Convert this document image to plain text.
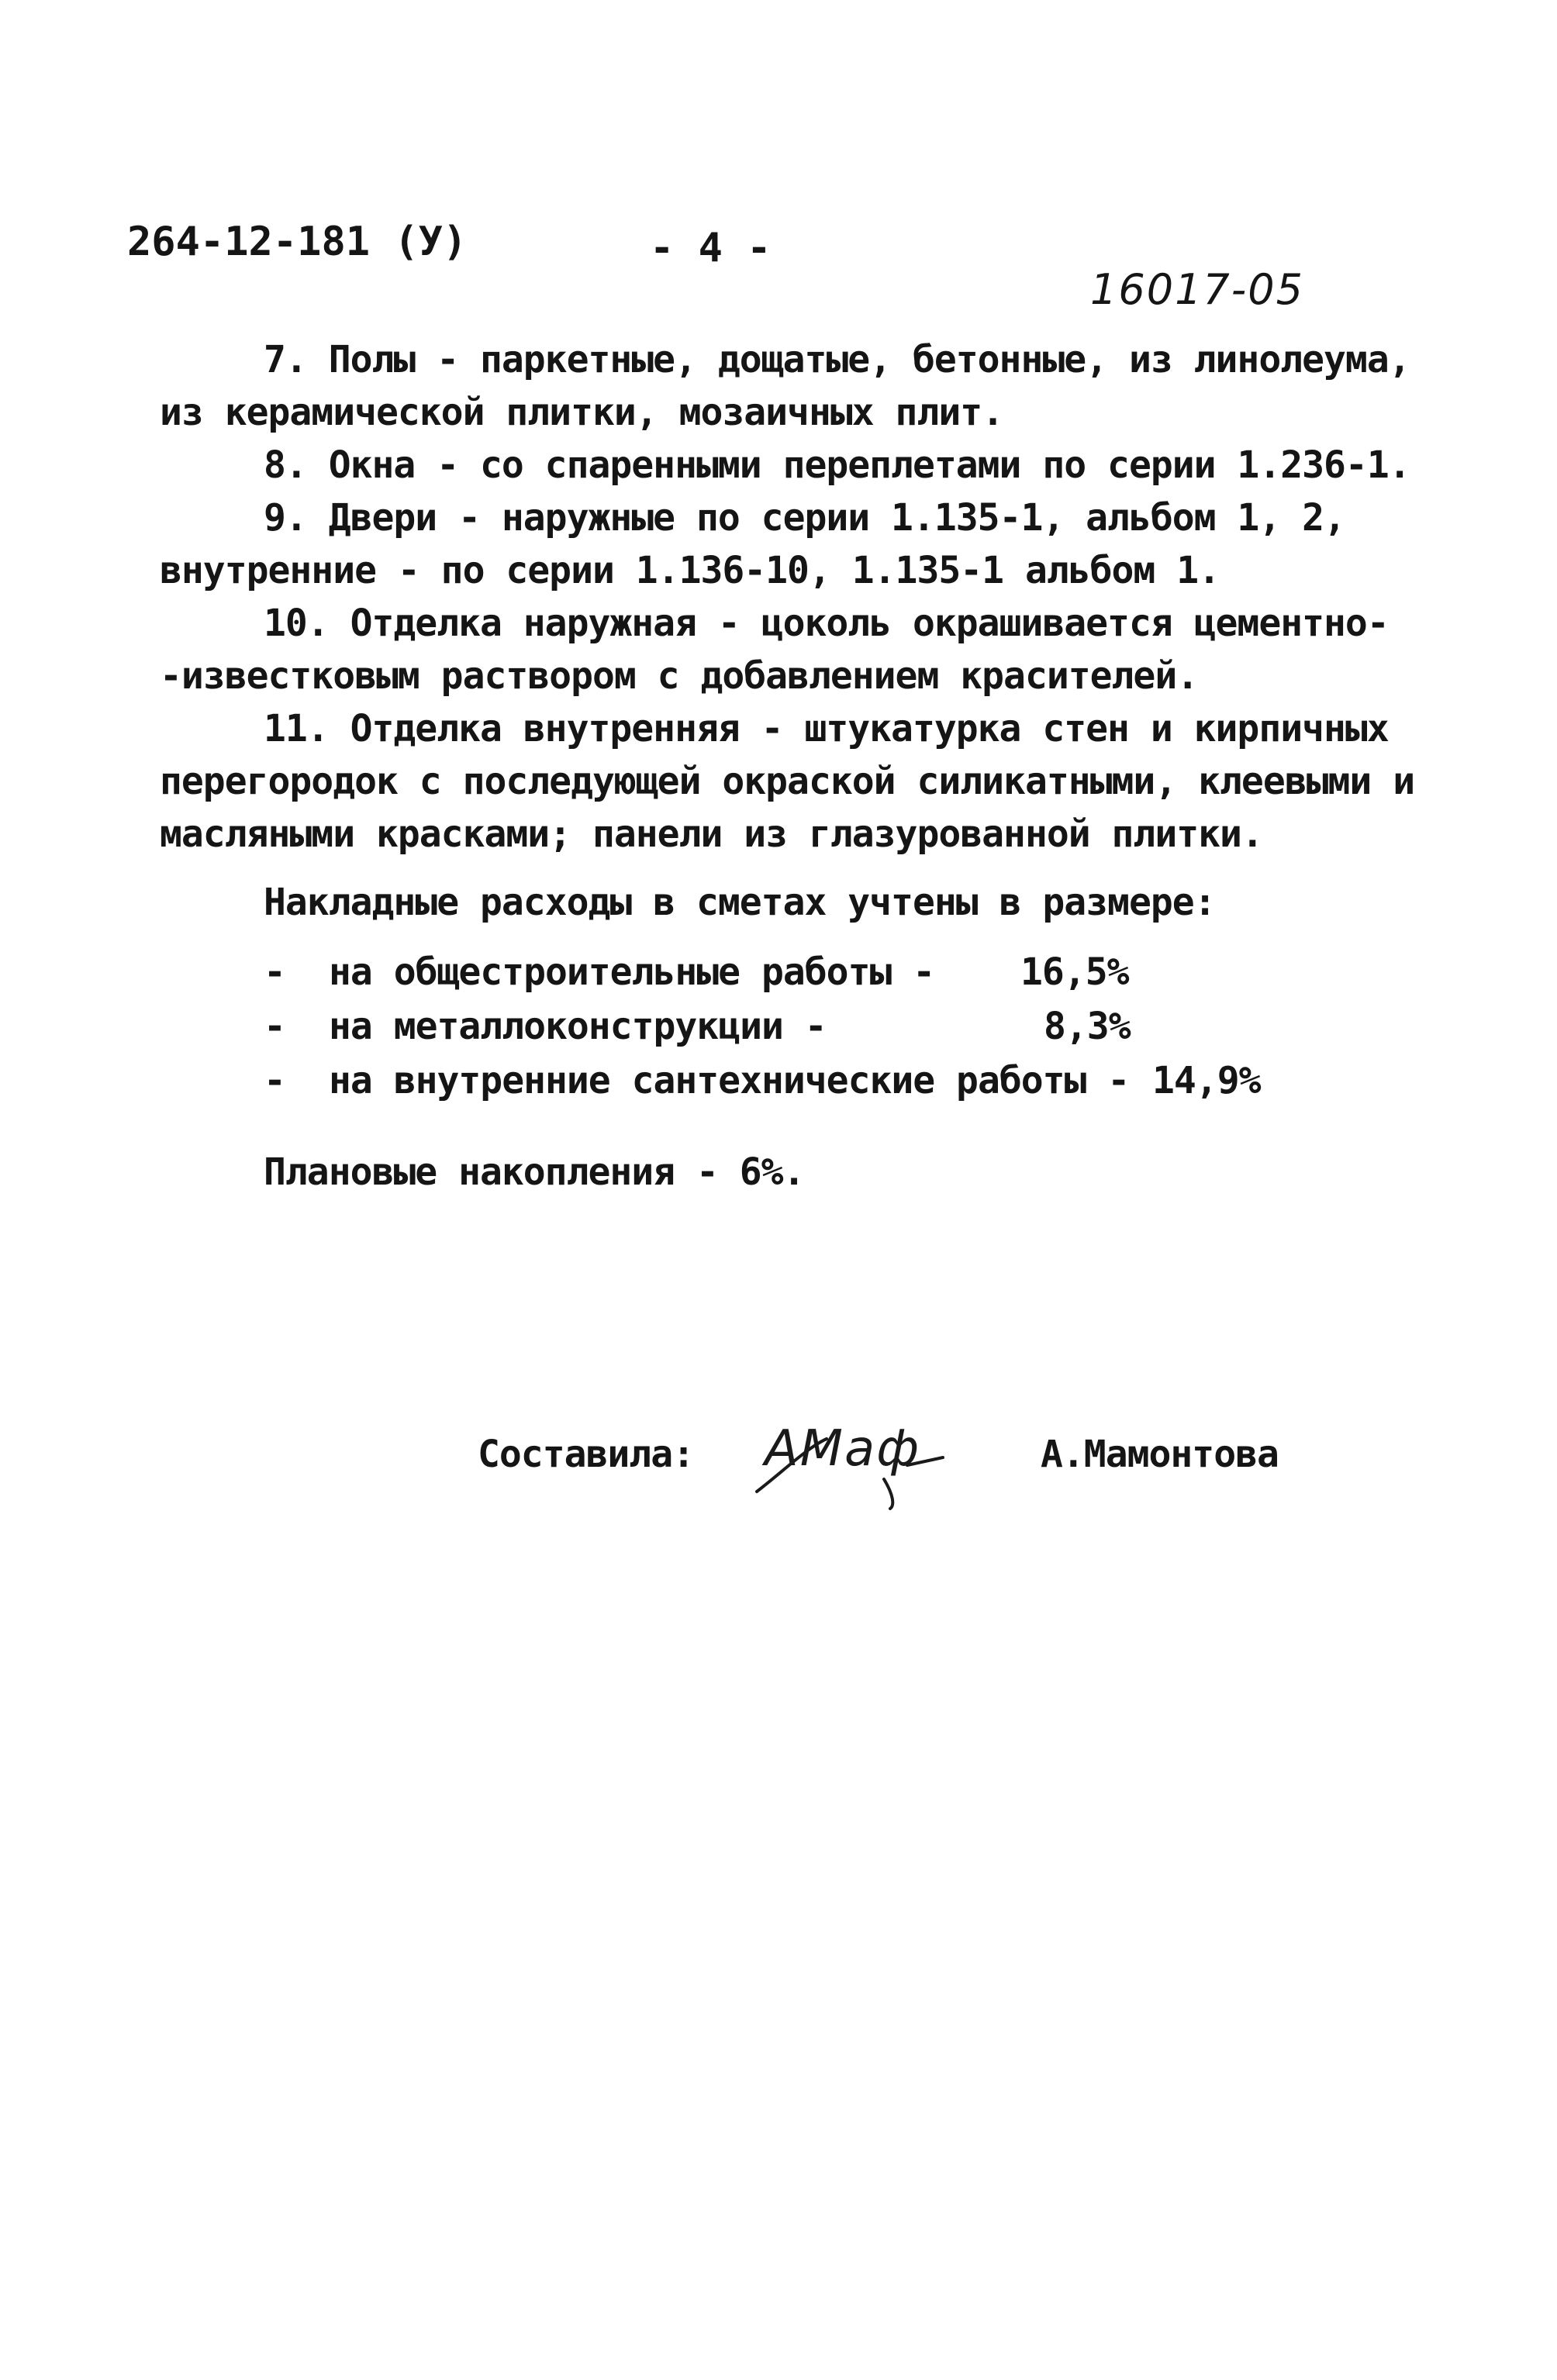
264-12-181 (У)	- 4 -
16017-05
7. Полы - паркетные, дощатые, бетонные, из линолеума,
из керамической плитки, мозаичных плит.
8. Окна - со спаренными переплетами по серии 1.236-1.
9. Двери - наружные по серии 1.135-1, альбом 1, 2,
внутренние - по серии 1.136-10, 1.135-1 альбом 1.
10. Отделка наружная - цоколь окрашивается цементно-
-известковым раствором с добавлением красителей.
11. Отделка внутренняя - штукатурка стен и кирпичных
перегородок с последующей окраской силикатными, клеевыми и
масляными красками; панели из глазурованной плитки.
Накладные расходы в сметах учтены в размере:
- на общестроительные работы - 16,5%
- на металлоконструкции -	8,3%
- на внутренние сантехнические работы - 14,9%
Плановые накопления - 6%.
Составила: АМаф	А.Мамонтова
